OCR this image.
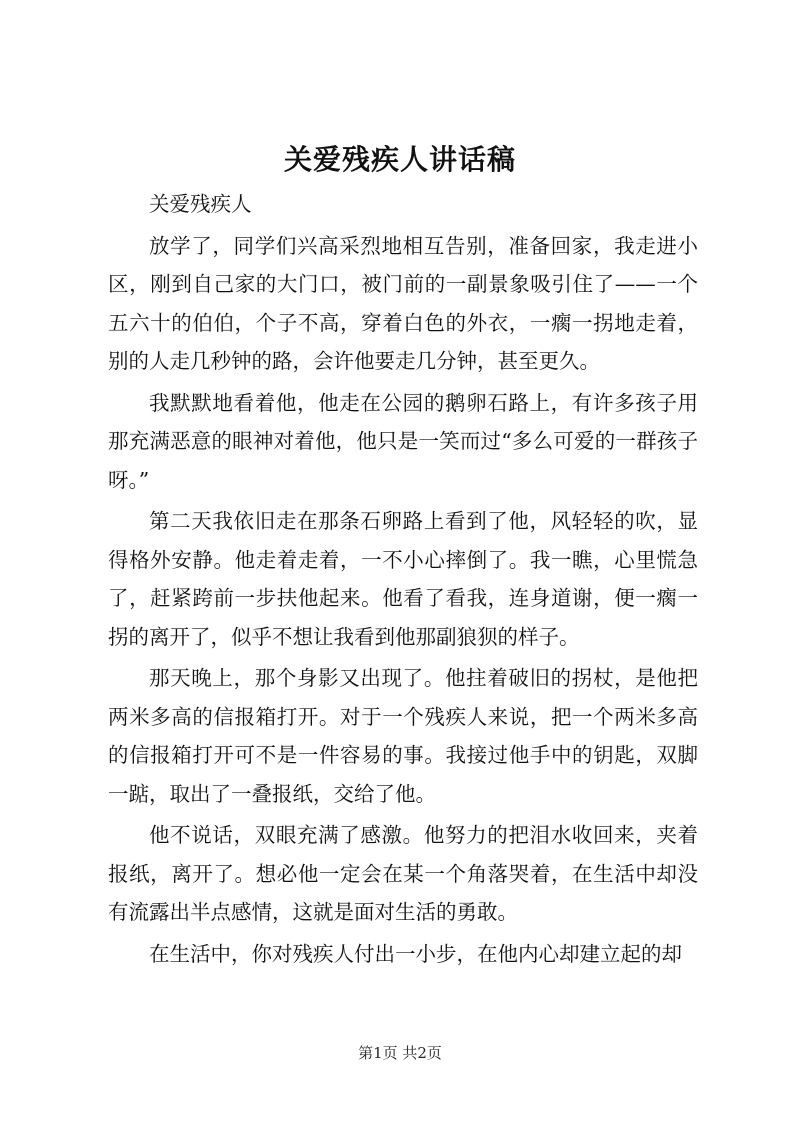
关爱残疾人讲话稿

关爱残疾人

放学了，同学们兴高采烈地相互告别，准备回家，我走进小区，刚到自己家的大门口，被门前的一副景象吸引住了——一个五六十的伯伯，个子不高，穿着白色的外衣，一瘸一拐地走着，别的人走几秒钟的路，会许他要走几分钟，甚至更久。

我默默地看着他，他走在公园的鹅卵石路上，有许多孩子用那充满恶意的眼神对着他，他只是一笑而过“多么可爱的一群孩子呀。”

第二天我依旧走在那条石卵路上看到了他，风轻轻的吹，显得格外安静。他走着走着，一不小心摔倒了。我一瞧，心里慌急了，赶紧跨前一步扶他起来。他看了看我，连身道谢，便一瘸一拐的离开了，似乎不想让我看到他那副狼狈的样子。

那天晚上，那个身影又出现了。他拄着破旧的拐杖，是他把两米多高的信报箱打开。对于一个残疾人来说，把一个两米多高的信报箱打开可不是一件容易的事。我接过他手中的钥匙，双脚一踮，取出了一叠报纸，交给了他。

他不说话，双眼充满了感激。他努力的把泪水收回来，夹着报纸，离开了。想必他一定会在某一个角落哭着，在生活中却没有流露出半点感情，这就是面对生活的勇敢。

在生活中，你对残疾人付出一小步，在他内心却建立起的却

第1页 共2页
